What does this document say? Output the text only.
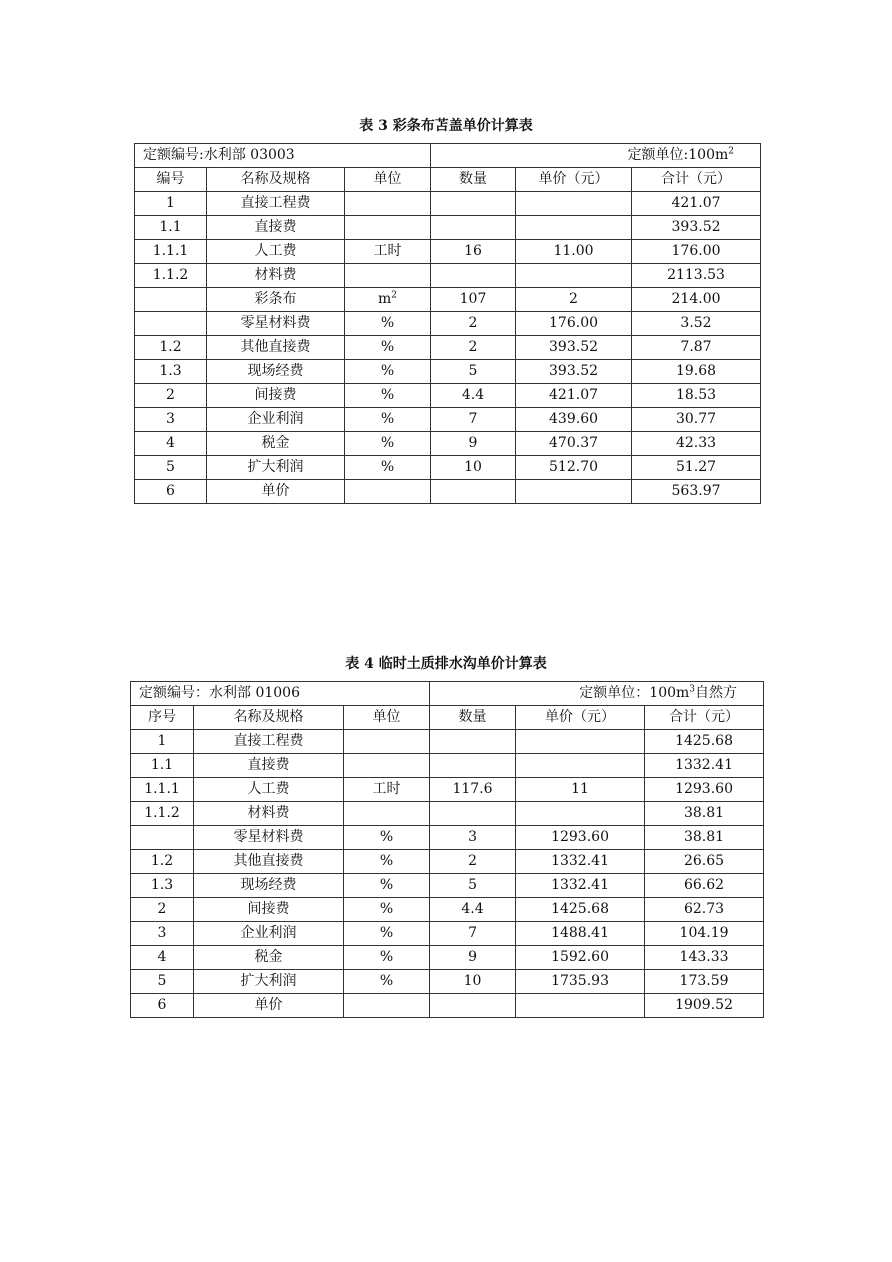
表 3 彩条布苫盖单价计算表
定额编号:水利部 03003			定额单位$:100m^2$
编号	名称及规格	单位	数量	单价（元）	合计（元）
1	直接工程费				421.07
1.1	直接费				393.52
1.1.1	人工费	工时	16	11.00	176.00
1.1.2	材料费				2113.53
	彩条布	$m^2$	107	2	214.00
	零星材料费	%	2	176.00	3.52
1.2	其他直接费	%	2	393.52	7.87
1.3	现场经费	%	5	393.52	19.68
2	间接费	%	4.4	421.07	18.53
3	企业利润	%	7	439.60	30.77
4	税金	%	9	470.37	42.33
5	扩大利润	%	10	512.70	51.27
6	单价				563.97
表 4 临时土质排水沟单价计算表
定额编号：水利部 01006			定额单位：$100m^3$自然方		
序号	名称及规格	单位	数量	单价（元）	合计（元）
1	直接工程费				1425.68
1.1	直接费				1332.41
1.1.1	人工费	工时	117.6	11	1293.60
1.1.2	材料费				38.81
	零星材料费	%	3	1293.60	38.81
1.2	其他直接费	%	2	1332.41	26.65
1.3	现场经费	%	5	1332.41	66.62
2	间接费	%	4.4	1425.68	62.73
3	企业利润	%	7	1488.41	104.19
4	税金	%	9	1592.60	143.33
5	扩大利润	%	10	1735.93	173.59
6	单价				1909.52
